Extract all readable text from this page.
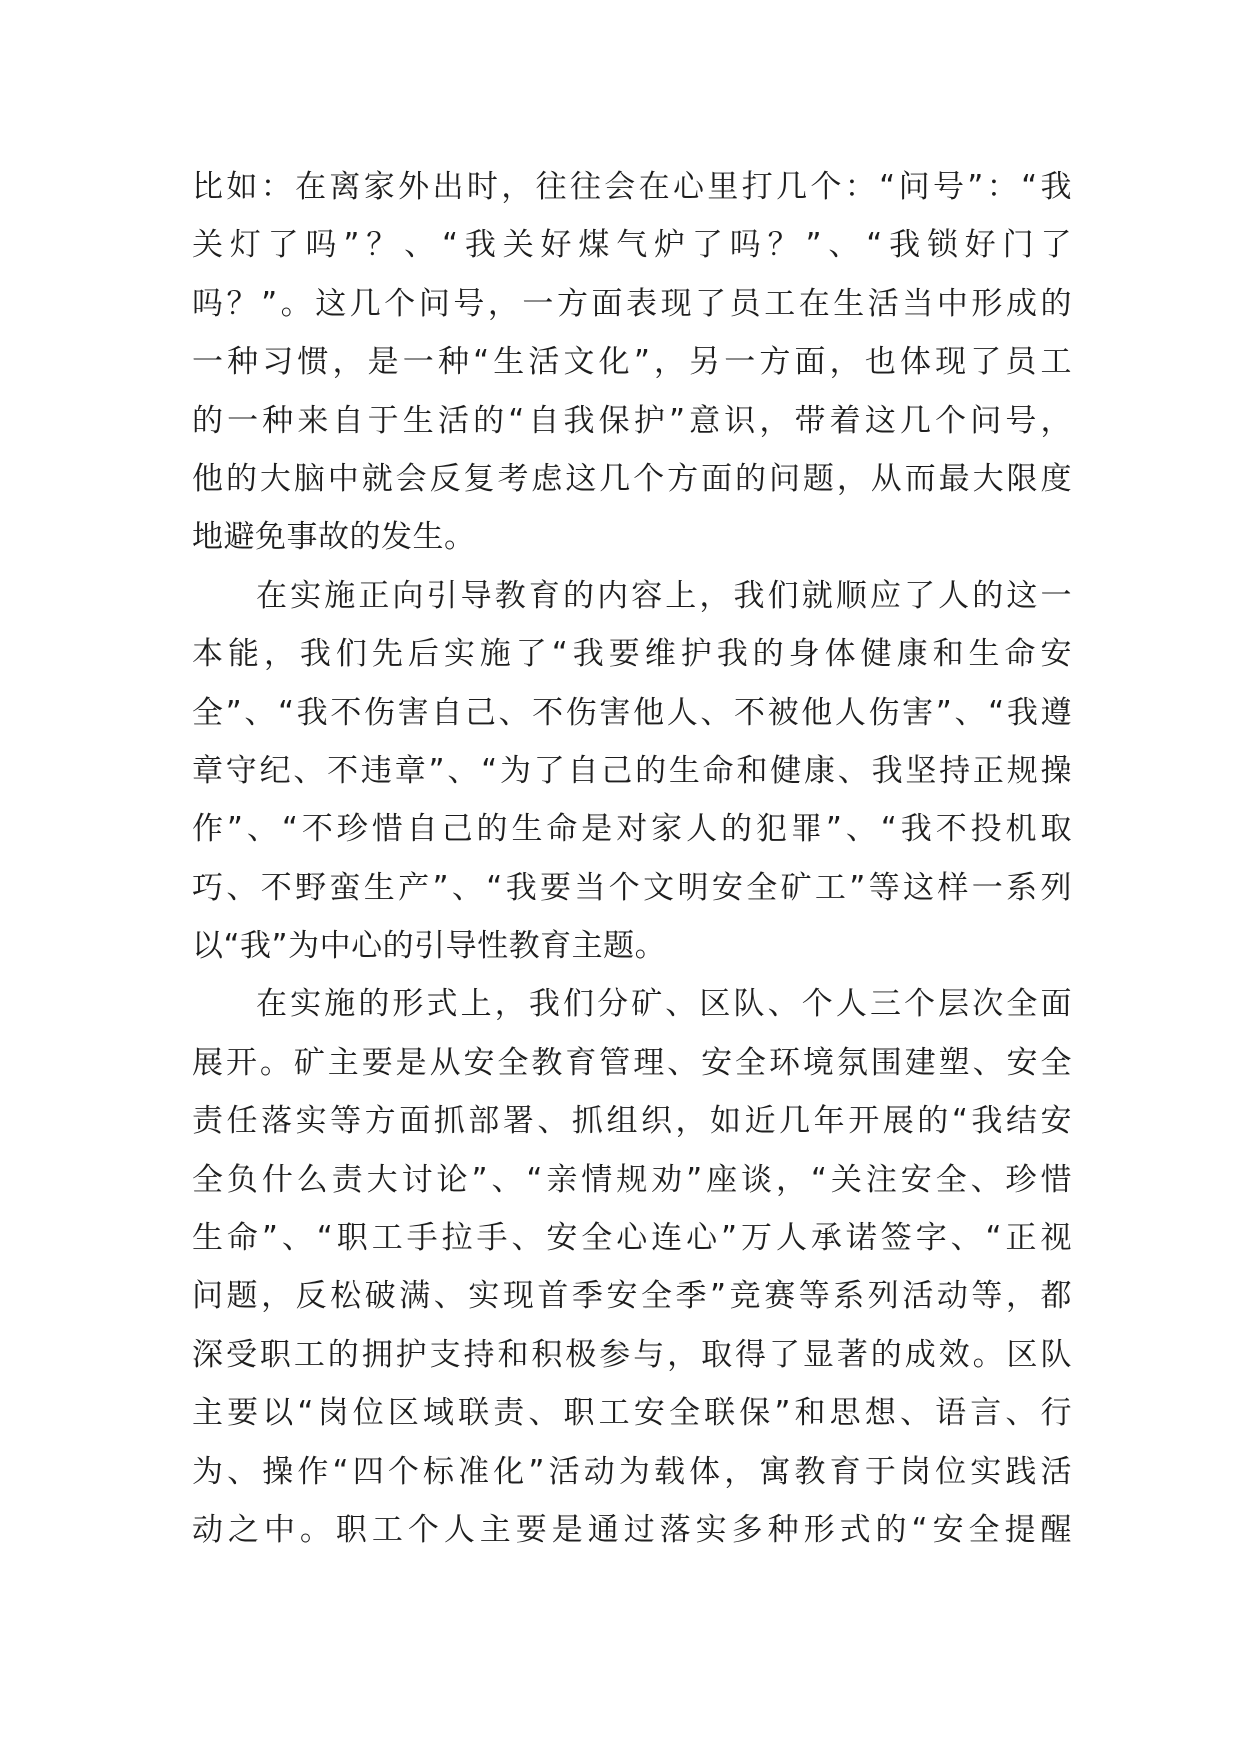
比如：在离家外出时，往往会在心里打几个：“问号”：“我
关灯了吗”？、“我关好煤气炉了吗？”、“我锁好门了
吗？”。这几个问号，一方面表现了员工在生活当中形成的
一种习惯，是一种“生活文化”，另一方面，也体现了员工
的一种来自于生活的“自我保护”意识，带着这几个问号，
他的大脑中就会反复考虑这几个方面的问题，从而最大限度
地避免事故的发生。
在实施正向引导教育的内容上，我们就顺应了人的这一
本能，我们先后实施了“我要维护我的身体健康和生命安
全”、“我不伤害自己、不伤害他人、不被他人伤害”、“我遵
章守纪、不违章”、“为了自己的生命和健康、我坚持正规操
作”、“不珍惜自己的生命是对家人的犯罪”、“我不投机取
巧、不野蛮生产”、“我要当个文明安全矿工”等这样一系列
以“我”为中心的引导性教育主题。
在实施的形式上，我们分矿、区队、个人三个层次全面
展开。矿主要是从安全教育管理、安全环境氛围建塑、安全
责任落实等方面抓部署、抓组织，如近几年开展的“我结安
全负什么责大讨论”、“亲情规劝”座谈，“关注安全、珍惜
生命”、“职工手拉手、安全心连心”万人承诺签字、“正视
问题，反松破满、实现首季安全季”竞赛等系列活动等，都
深受职工的拥护支持和积极参与，取得了显著的成效。区队
主要以“岗位区域联责、职工安全联保”和思想、语言、行
为、操作“四个标准化”活动为载体，寓教育于岗位实践活
动之中。职工个人主要是通过落实多种形式的“安全提醒
